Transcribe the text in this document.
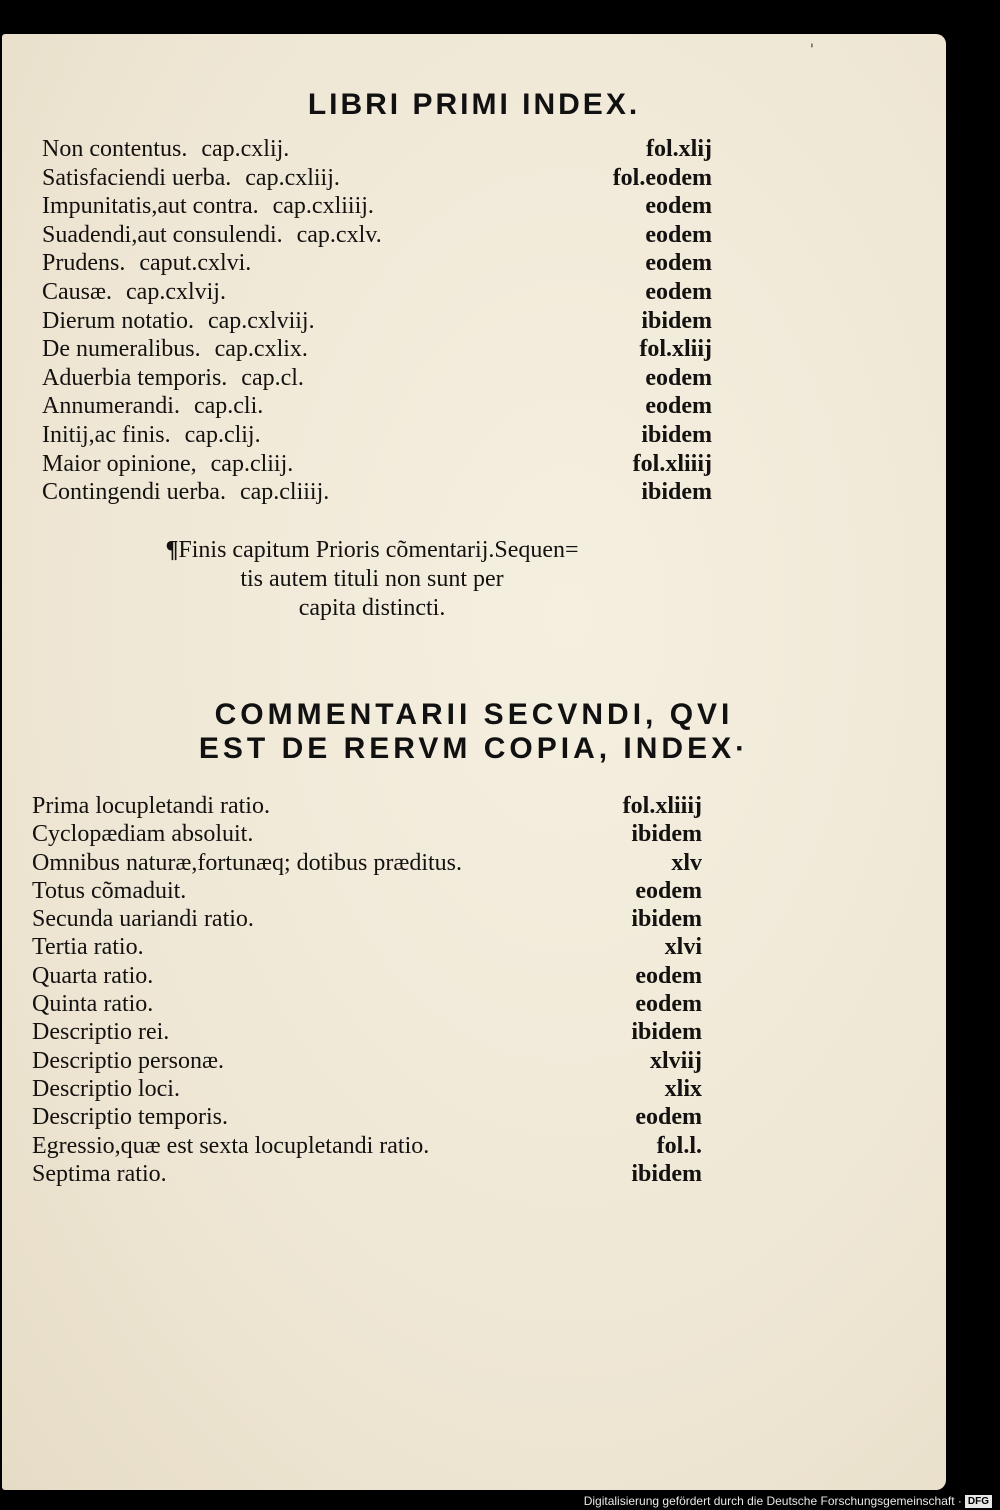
'
LIBRI PRIMI INDEX.
Non contentus. cap.cxlij.	fol.xlij
Satisfaciendi uerba. cap.cxliij.	fol.eodem
Impunitatis,aut contra. cap.cxliiij.	eodem
Suadendi,aut consulendi. cap.cxlv.	eodem
Prudens. caput.cxlvi.	eodem
Causæ. cap.cxlvij.	eodem
Dierum notatio. cap.cxlviij.	ibidem
De numeralibus. cap.cxlix.	fol.xliij
Aduerbia temporis. cap.cl.	eodem
Annumerandi. cap.cli.	eodem
Initij,ac finis. cap.clij.	ibidem
Maior opinione, cap.cliij.	fol.xliiij
Contingendi uerba. cap.cliiij.	ibidem
¶Finis capitum Prioris cõmentarij.Sequen=
tis autem tituli non sunt per
capita distincti.
COMMENTARII SECVNDI, QVI
EST DE RERVM COPIA, INDEX·
Prima locupletandi ratio.	fol.xliiij
Cyclopædiam absoluit.	ibidem
Omnibus naturæ,fortunæq; dotibus præditus.	xlv
Totus cõmaduit.	eodem
Secunda uariandi ratio.	ibidem
Tertia ratio.	xlvi
Quarta ratio.	eodem
Quinta ratio.	eodem
Descriptio rei.	ibidem
Descriptio personæ.	xlviij
Descriptio loci.	xlix
Descriptio temporis.	eodem
Egressio,quæ est sexta locupletandi ratio.	fol.l.
Septima ratio.	ibidem
Digitalisierung gefördert durch die Deutsche Forschungsgemeinschaft · DFG
